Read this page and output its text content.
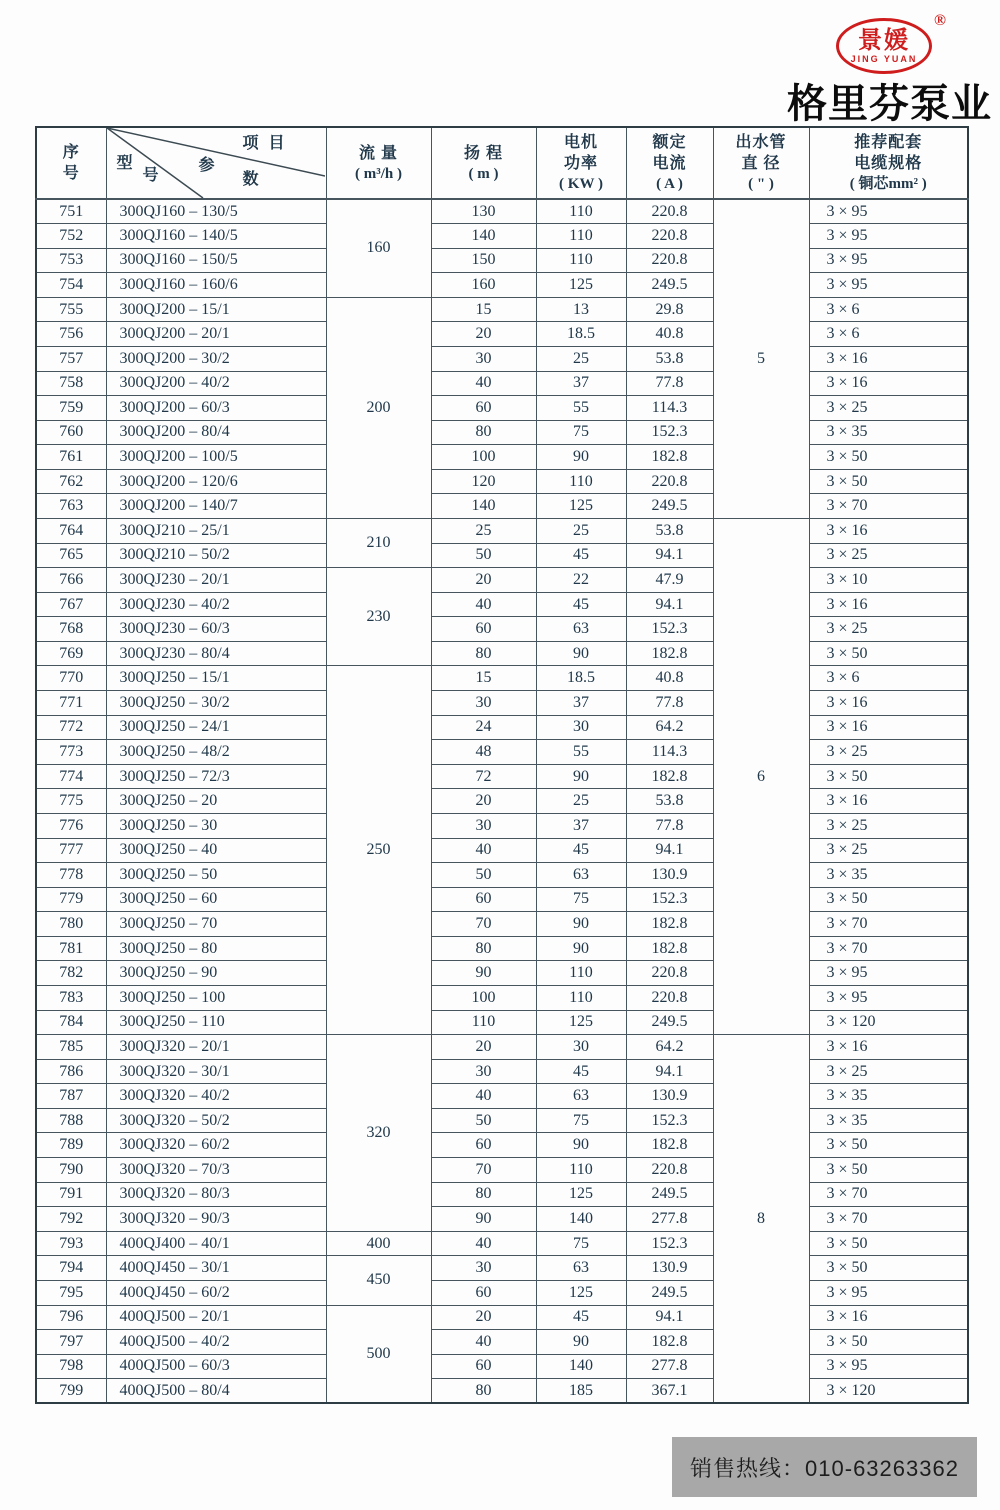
景媛
JING YUAN
®
格里芬泵业
序
号

项目
参
数
型
号

流 量
( m³/h )

扬 程
( m )

电机
功率
( KW )

额定
电流
( A )

出水管
直 径
( " )

推荐配套
电缆规格
( 铜芯mm² )

751	300QJ160 – 130/5	160	130	110	220.8	5	3 × 95
752	300QJ160 – 140/5		140	110	220.8		3 × 95
753	300QJ160 – 150/5		150	110	220.8		3 × 95
754	300QJ160 – 160/6		160	125	249.5		3 × 95
755	300QJ200 – 15/1	200	15	13	29.8		3 × 6
756	300QJ200 – 20/1		20	18.5	40.8		3 × 6
757	300QJ200 – 30/2		30	25	53.8		3 × 16
758	300QJ200 – 40/2		40	37	77.8		3 × 16
759	300QJ200 – 60/3		60	55	114.3		3 × 25
760	300QJ200 – 80/4		80	75	152.3		3 × 35
761	300QJ200 – 100/5		100	90	182.8		3 × 50
762	300QJ200 – 120/6		120	110	220.8		3 × 50
763	300QJ200 – 140/7		140	125	249.5		3 × 70
764	300QJ210 – 25/1	210	25	25	53.8	6	3 × 16
765	300QJ210 – 50/2		50	45	94.1		3 × 25
766	300QJ230 – 20/1	230	20	22	47.9		3 × 10
767	300QJ230 – 40/2		40	45	94.1		3 × 16
768	300QJ230 – 60/3		60	63	152.3		3 × 25
769	300QJ230 – 80/4		80	90	182.8		3 × 50
770	300QJ250 – 15/1	250	15	18.5	40.8		3 × 6
771	300QJ250 – 30/2		30	37	77.8		3 × 16
772	300QJ250 – 24/1		24	30	64.2		3 × 16
773	300QJ250 – 48/2		48	55	114.3		3 × 25
774	300QJ250 – 72/3		72	90	182.8		3 × 50
775	300QJ250 – 20		20	25	53.8		3 × 16
776	300QJ250 – 30		30	37	77.8		3 × 25
777	300QJ250 – 40		40	45	94.1		3 × 25
778	300QJ250 – 50		50	63	130.9		3 × 35
779	300QJ250 – 60		60	75	152.3		3 × 50
780	300QJ250 – 70		70	90	182.8		3 × 70
781	300QJ250 – 80		80	90	182.8		3 × 70
782	300QJ250 – 90		90	110	220.8		3 × 95
783	300QJ250 – 100		100	110	220.8		3 × 95
784	300QJ250 – 110		110	125	249.5		3 × 120
785	300QJ320 – 20/1	320	20	30	64.2	8	3 × 16
786	300QJ320 – 30/1		30	45	94.1		3 × 25
787	300QJ320 – 40/2		40	63	130.9		3 × 35
788	300QJ320 – 50/2		50	75	152.3		3 × 35
789	300QJ320 – 60/2		60	90	182.8		3 × 50
790	300QJ320 – 70/3		70	110	220.8		3 × 50
791	300QJ320 – 80/3		80	125	249.5		3 × 70
792	300QJ320 – 90/3		90	140	277.8		3 × 70
793	400QJ400 – 40/1	400	40	75	152.3		3 × 50
794	400QJ450 – 30/1	450	30	63	130.9		3 × 50
795	400QJ450 – 60/2		60	125	249.5		3 × 95
796	400QJ500 – 20/1	500	20	45	94.1		3 × 16
797	400QJ500 – 40/2		40	90	182.8		3 × 50
798	400QJ500 – 60/3		60	140	277.8		3 × 95
799	400QJ500 – 80/4		80	185	367.1		3 × 120
销售热线：010-63263362
